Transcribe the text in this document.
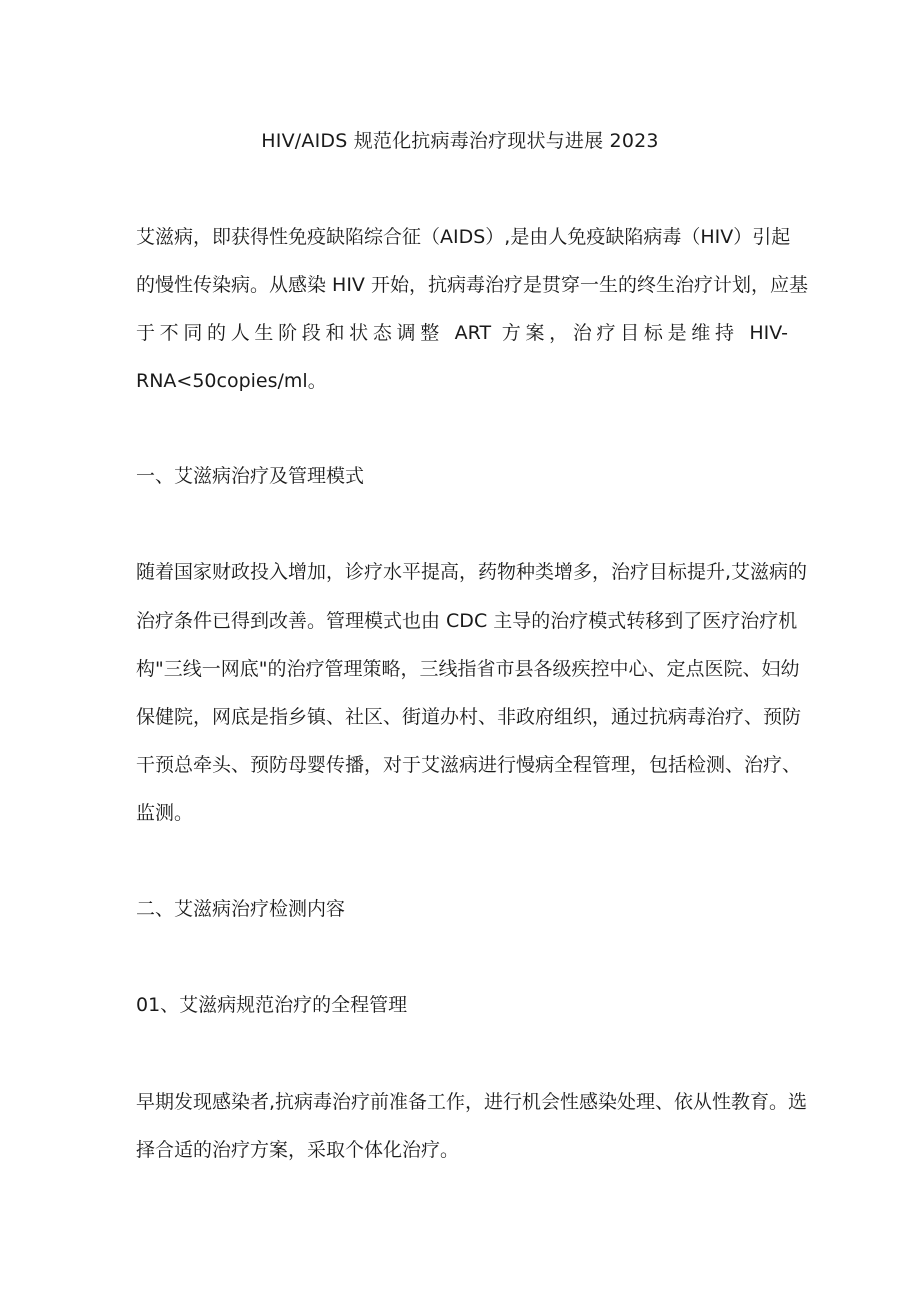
HIV/AIDS 规范化抗病毒治疗现状与进展 2023
艾滋病，即获得性免疫缺陷综合征（AIDS）,是由人免疫缺陷病毒（HIV）引起
的慢性传染病。从感染 HIV 开始，抗病毒治疗是贯穿一生的终生治疗计划，应基
于不同的人生阶段和状态调整 ART 方案，治疗目标是维持 HIV-
RNA<50copies/ml。
一、艾滋病治疗及管理模式
随着国家财政投入增加，诊疗水平提高，药物种类增多，治疗目标提升,艾滋病的
治疗条件已得到改善。管理模式也由 CDC 主导的治疗模式转移到了医疗治疗机
构"三线一网底"的治疗管理策略，三线指省市县各级疾控中心、定点医院、妇幼
保健院，网底是指乡镇、社区、街道办村、非政府组织，通过抗病毒治疗、预防
干预总牵头、预防母婴传播，对于艾滋病进行慢病全程管理，包括检测、治疗、
监测。
二、艾滋病治疗检测内容
01、艾滋病规范治疗的全程管理
早期发现感染者,抗病毒治疗前准备工作，进行机会性感染处理、依从性教育。选
择合适的治疗方案，采取个体化治疗。
